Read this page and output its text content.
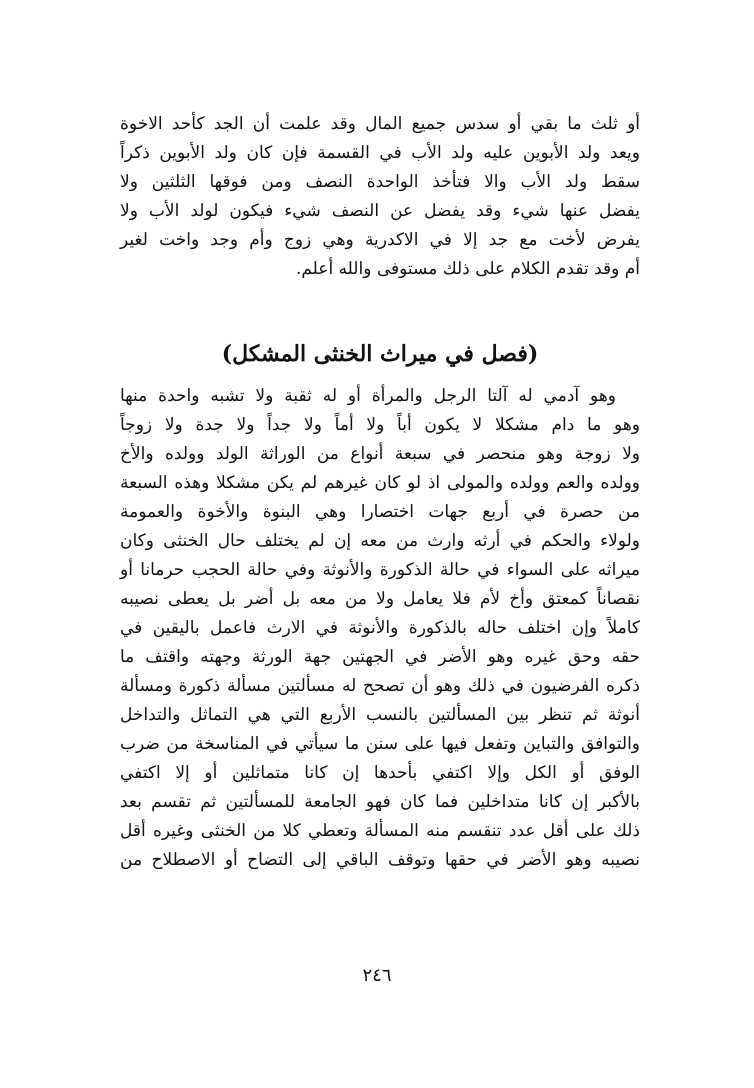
أو ثلث ما بقي أو سدس جميع المال وقد علمت أن الجد كأحد الاخوة
ويعد ولد الأبوين عليه ولد الأب في القسمة فإن كان ولد الأبوين ذكراً
سقط ولد الأب والا فتأخذ الواحدة النصف ومن فوقها الثلثين ولا
يفضل عنها شيء وقد يفضل عن النصف شيء فيكون لولد الأب ولا
يفرض لأخت مع جد إلا في الاكدرية وهي زوج وأم وجد واخت لغير
أم وقد تقدم الكلام على ذلك مستوفى والله أعلم.
(فصل في ميراث الخنثى المشكل)
وهو آدمي له آلتا الرجل والمرأة أو له ثقبة ولا تشبه واحدة منها
وهو ما دام مشكلا لا يكون أباً ولا أماً ولا جداً ولا جدة ولا زوجاً
ولا زوجة وهو منحصر في سبعة أنواع من الوراثة الولد وولده والأخ
وولده والعم وولده والمولى اذ لو كان غيرهم لم يكن مشكلا وهذه السبعة
من حصرة في أربع جهات اختصارا وهي البنوة والأخوة والعمومة
ولولاء والحكم في أرثه وارث من معه إن لم يختلف حال الخنثى وكان
ميراثه على السواء في حالة الذكورة والأنوثة وفي حالة الحجب حرمانا أو
نقصاناً كمعتق وأخ لأم فلا يعامل ولا من معه بل أضر بل يعطى نصيبه
كاملاً وإن اختلف حاله بالذكورة والأنوثة في الارث فاعمل باليقين في
حقه وحق غيره وهو الأضر في الجهتين جهة الورثة وجهته واقتف ما
ذكره الفرضيون في ذلك وهو أن تصحح له مسألتين مسألة ذكورة ومسألة
أنوثة ثم تنظر بين المسألتين بالنسب الأربع التي هي التماثل والتداخل
والتوافق والتباين وتفعل فيها على سنن ما سيأتي في المناسخة من ضرب
الوفق أو الكل وإلا اكتفي بأحدها إن كانا متماثلين أو إلا اكتفي
بالأكبر إن كانا متداخلين فما كان فهو الجامعة للمسألتين ثم تقسم بعد
ذلك على أقل عدد تنقسم منه المسألة وتعطي كلا من الخنثى وغيره أقل
نصيبه وهو الأضر في حقها وتوقف الباقي إلى التضاح أو الاصطلاح من
٢٤٦
